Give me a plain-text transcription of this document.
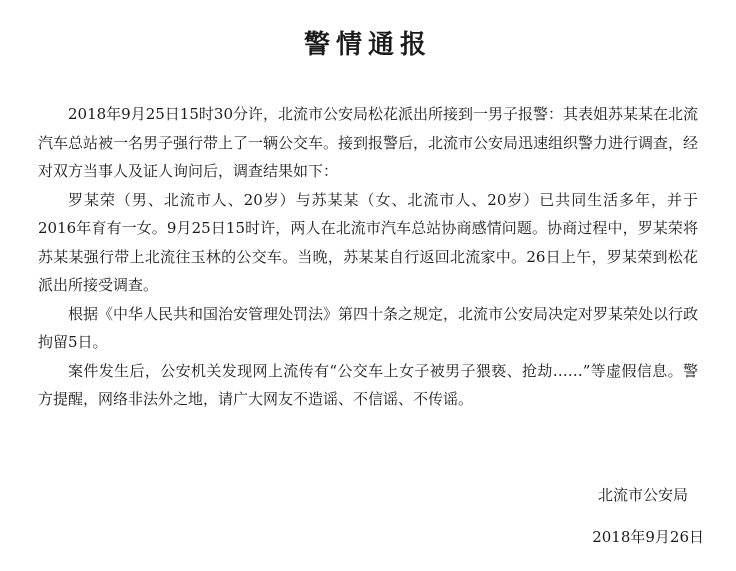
警情通报

2018年9月25日15时30分许，北流市公安局松花派出所接到一男子报警：其表姐苏某某在北流汽车总站被一名男子强行带上了一辆公交车。接到报警后，北流市公安局迅速组织警力进行调查，经对双方当事人及证人询问后，调查结果如下：

罗某荣（男、北流市人、20岁）与苏某某（女、北流市人、20岁）已共同生活多年，并于2016年育有一女。9月25日15时许，两人在北流市汽车总站协商感情问题。协商过程中，罗某荣将苏某某强行带上北流往玉林的公交车。当晚，苏某某自行返回北流家中。26日上午，罗某荣到松花派出所接受调查。

根据《中华人民共和国治安管理处罚法》第四十条之规定，北流市公安局决定对罗某荣处以行政拘留5日。

案件发生后，公安机关发现网上流传有“公交车上女子被男子猥亵、抢劫……”等虚假信息。警方提醒，网络非法外之地，请广大网友不造谣、不信谣、不传谣。

北流市公安局
2018年9月26日
